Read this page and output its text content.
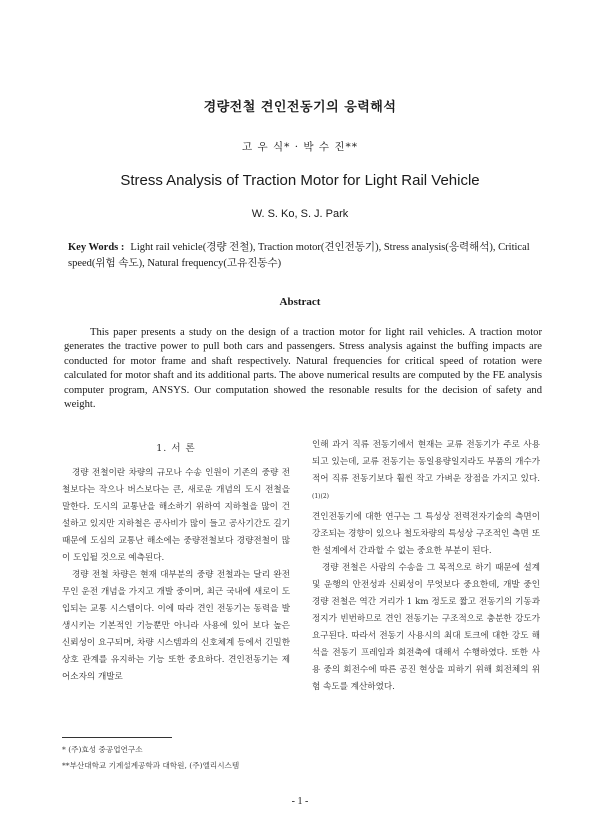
경량전철 견인전동기의 응력해석
고 우 식* · 박 수 진**
Stress Analysis of Traction Motor for Light Rail Vehicle
W. S. Ko, S. J. Park
Key Words : Light rail vehicle(경량 전철), Traction motor(견인전동기), Stress analysis(응력해석), Critical speed(위험 속도), Natural frequency(고유진동수)
Abstract

This paper presents a study on the design of a traction motor for light rail vehicles. A traction motor generates the tractive power to pull both cars and passengers. Stress analysis against the buffing impacts are conducted for motor frame and shaft respectively. Natural frequencies for critical speed of rotation were calculated for motor shaft and its additional parts. The above numerical results are computed by the FE analysis computer program, ANSYS. Our computation showed the resonable results for the decision of safety and weight.

1. 서 론

경량 전철이란 차량의 규모나 수송 인원이 기존의 중량 전철보다는 작으나 버스보다는 큰, 새로운 개념의 도시 전철을 말한다. 도시의 교통난을 해소하기 위하여 지하철을 많이 건설하고 있지만 지하철은 공사비가 많이 들고 공사기간도 길기 때문에 도심의 교통난 해소에는 중량전철보다 경량전철이 많이 도입될 것으로 예측된다.

경량 전철 차량은 현재 대부분의 중량 전철과는 달리 완전 무인 운전 개념을 가지고 개발 중이며, 최근 국내에 새로이 도입되는 교통 시스템이다. 이에 따라 견인 전동기는 동력을 발생시키는 기본적인 기능뿐만 아니라 사용에 있어 보다 높은 신뢰성이 요구되며, 차량 시스템과의 신호체계 등에서 긴밀한 상호 관계를 유지하는 기능 또한 중요하다. 견인전동기는 제어소자의 개발로

인해 과거 직류 전동기에서 현재는 교류 전동기가 주로 사용되고 있는데, 교류 전동기는 동일용량일지라도 부품의 개수가 적어 직류 전동기보다 훨씬 작고 가벼운 장점을 가지고 있다.$^{(1)(2)}$

견인전동기에 대한 연구는 그 특성상 전력전자기술의 측면이 강조되는 경향이 있으나 철도차량의 특성상 구조적인 측면 또한 설계에서 간과할 수 없는 중요한 부분이 된다.

경량 전철은 사람의 수송을 그 목적으로 하기 때문에 설계 및 운행의 안전성과 신뢰성이 무엇보다 중요한데, 개발 중인 경량 전철은 역간 거리가 1 km 정도로 짧고 전동기의 기동과 정지가 빈번하므로 견인 전동기는 구조적으로 충분한 강도가 요구된다. 따라서 전동기 사용시의 최대 토크에 대한 강도 해석을 전동기 프레임과 회전축에 대해서 수행하였다. 또한 사용 중의 회전수에 따른 공진 현상을 피하기 위해 회전체의 위험 속도를 계산하였다.

* (주)효성 중공업연구소
**부산대학교 기계설계공학과 대학원, (주)엘리시스템
- 1 -
